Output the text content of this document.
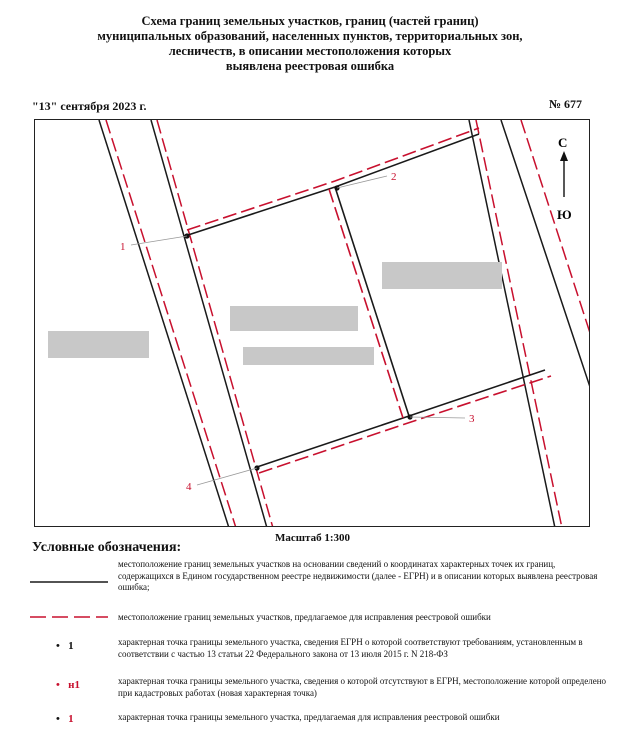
Схема границ земельных участков, границ (частей границ)
муниципальных образований, населенных пунктов, территориальных зон,
лесничеств, в описании местоположения которых
выявлена реестровая ошибка
"13" сентября 2023 г.	№ 677
1
2
3
4
С
Ю
Масштаб 1:300
Условные обозначения:
местоположение границ земельных участков на основании сведений о координатах характерных точек их границ, содержащихся в Едином государственном реестре недвижимости (далее - ЕГРН) и в описании которых выявлена реестровая ошибка;
местоположение границ земельных участков, предлагаемое для исправления реестровой ошибки
• 1	характерная точка границы земельного участка, сведения ЕГРН о которой соответствуют требованиям, установленным в соответствии с частью 13 статьи 22 Федерального закона от 13 июля 2015 г. N 218-ФЗ
• н1	характерная точка границы земельного участка, сведения о которой отсутствуют в ЕГРН, местоположение которой определено при кадастровых работах (новая характерная точка)
• 1	характерная точка границы земельного участка, предлагаемая для исправления реестровой ошибки
